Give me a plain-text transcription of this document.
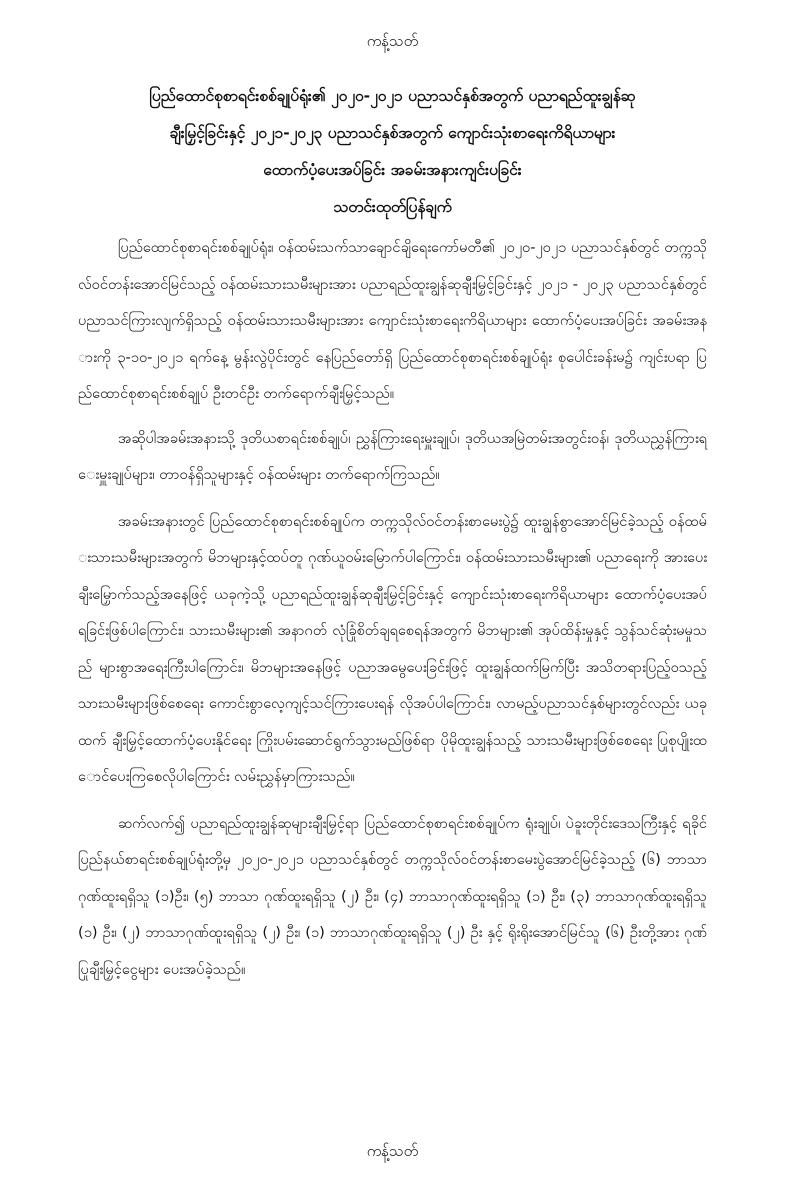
ကန့်သတ်
ပြည်ထောင်စုစာရင်းစစ်ချုပ်ရုံး၏ ၂၀၂၀-၂၀၂၁ ပညာသင်နှစ်အတွက် ပညာရည်ထူးချွန်ဆု
ချီးမြှင့်ခြင်းနှင့် ၂၀၂၁-၂၀၂၃ ပညာသင်နှစ်အတွက် ကျောင်းသုံးစာရေးကိရိယာများ
ထောက်ပံ့ပေးအပ်ခြင်း အခမ်းအနားကျင်းပခြင်း
သတင်းထုတ်ပြန်ချက်

ပြည်ထောင်စုစာရင်းစစ်ချုပ်ရုံး၊ ဝန်ထမ်းသက်သာချောင်ချိရေးကော်မတီ၏ ၂၀၂၀-၂၀၂၁ ပညာသင်နှစ်တွင် တက္ကသိုလ်ဝင်တန်းအောင်မြင်သည့် ဝန်ထမ်းသားသမီးများအား ပညာရည်ထူးချွန်ဆုချီးမြှင့်ခြင်းနှင့် ၂၀၂၁ - ၂၀၂၃ ပညာသင်နှစ်တွင် ပညာသင်ကြားလျက်ရှိသည့် ဝန်ထမ်းသားသမီးများအား ကျောင်းသုံးစာရေးကိရိယာများ ထောက်ပံ့ပေးအပ်ခြင်း အခမ်းအနားကို ၃-၁၀-၂၀၂၁ ရက်နေ့ မွန်းလွဲပိုင်းတွင် နေပြည်တော်ရှိ ပြည်ထောင်စုစာရင်းစစ်ချုပ်ရုံး စုပေါင်းခန်းမ၌ ကျင်းပရာ ပြည်ထောင်စုစာရင်းစစ်ချုပ် ဦးတင်ဦး တက်ရောက်ချီးမြှင့်သည်။

အဆိုပါအခမ်းအနားသို့ ဒုတိယစာရင်းစစ်ချုပ်၊ ညွှန်ကြားရေးမှူးချုပ်၊ ဒုတိယအမြဲတမ်းအတွင်းဝန်၊ ဒုတိယညွှန်ကြားရေးမှူးချုပ်များ၊ တာဝန်ရှိသူများနှင့် ဝန်ထမ်းများ တက်ရောက်ကြသည်။

အခမ်းအနားတွင် ပြည်ထောင်စုစာရင်းစစ်ချုပ်က တက္ကသိုလ်ဝင်တန်းစာမေးပွဲ၌ ထူးချွန်စွာအောင်မြင်ခဲ့သည့် ဝန်ထမ်းသားသမီးများအတွက် မိဘများနှင့်ထပ်တူ ဂုဏ်ယူဝမ်းမြောက်ပါကြောင်း၊ ဝန်ထမ်းသားသမီးများ၏ ပညာရေးကို အားပေးချီးမြှောက်သည့်အနေဖြင့် ယခုကဲ့သို့ ပညာရည်ထူးချွန်ဆုချီးမြှင့်ခြင်းနှင့် ကျောင်းသုံးစာရေးကိရိယာများ ထောက်ပံ့ပေးအပ်ရခြင်းဖြစ်ပါကြောင်း၊ သားသမီးများ၏ အနာဂတ် လုံခြုံစိတ်ချရစေရန်အတွက် မိဘများ၏ အုပ်ထိန်းမှုနှင့် သွန်သင်ဆုံးမမှုသည် များစွာအရေးကြီးပါကြောင်း၊ မိဘများအနေဖြင့် ပညာအမွေပေးခြင်းဖြင့် ထူးချွန်ထက်မြက်ပြီး အသိတရားပြည့်ဝသည့် သားသမီးများဖြစ်စေရေး ကောင်းစွာလေ့ကျင့်သင်ကြားပေးရန် လိုအပ်ပါကြောင်း၊ လာမည့်ပညာသင်နှစ်များတွင်လည်း ယခုထက် ချီးမြှင့်ထောက်ပံ့ပေးနိုင်ရေး ကြိုးပမ်းဆောင်ရွက်သွားမည်ဖြစ်ရာ ပိုမိုထူးချွန်သည့် သားသမီးများဖြစ်စေရေး ပြုစုပျိုးထောင်ပေးကြစေလိုပါကြောင်း လမ်းညွှန်မှာကြားသည်။

ဆက်လက်၍ ပညာရည်ထူးချွန်ဆုများချီးမြှင့်ရာ ပြည်ထောင်စုစာရင်းစစ်ချုပ်က ရုံးချုပ်၊ ပဲခူးတိုင်းဒေသကြီးနှင့် ရခိုင်ပြည်နယ်စာရင်းစစ်ချုပ်ရုံးတို့မှ ၂၀၂၀-၂၀၂၁ ပညာသင်နှစ်တွင် တက္ကသိုလ်ဝင်တန်းစာမေးပွဲအောင်မြင်ခဲ့သည့် (၆) ဘာသာဂုဏ်ထူးရရှိသူ (၁)ဦး၊ (၅) ဘာသာ ဂုဏ်ထူးရရှိသူ (၂) ဦး၊ (၄) ဘာသာဂုဏ်ထူးရရှိသူ (၁) ဦး၊ (၃) ဘာသာဂုဏ်ထူးရရှိသူ (၁) ဦး၊ (၂) ဘာသာဂုဏ်ထူးရရှိသူ (၂) ဦး၊ (၁) ဘာသာဂုဏ်ထူးရရှိသူ (၂) ဦး နှင့် ရိုးရိုးအောင်မြင်သူ (၆) ဦးတို့အား ဂုဏ်ပြုချီးမြှင့်ငွေများ ပေးအပ်ခဲ့သည်။

ကန့်သတ်
